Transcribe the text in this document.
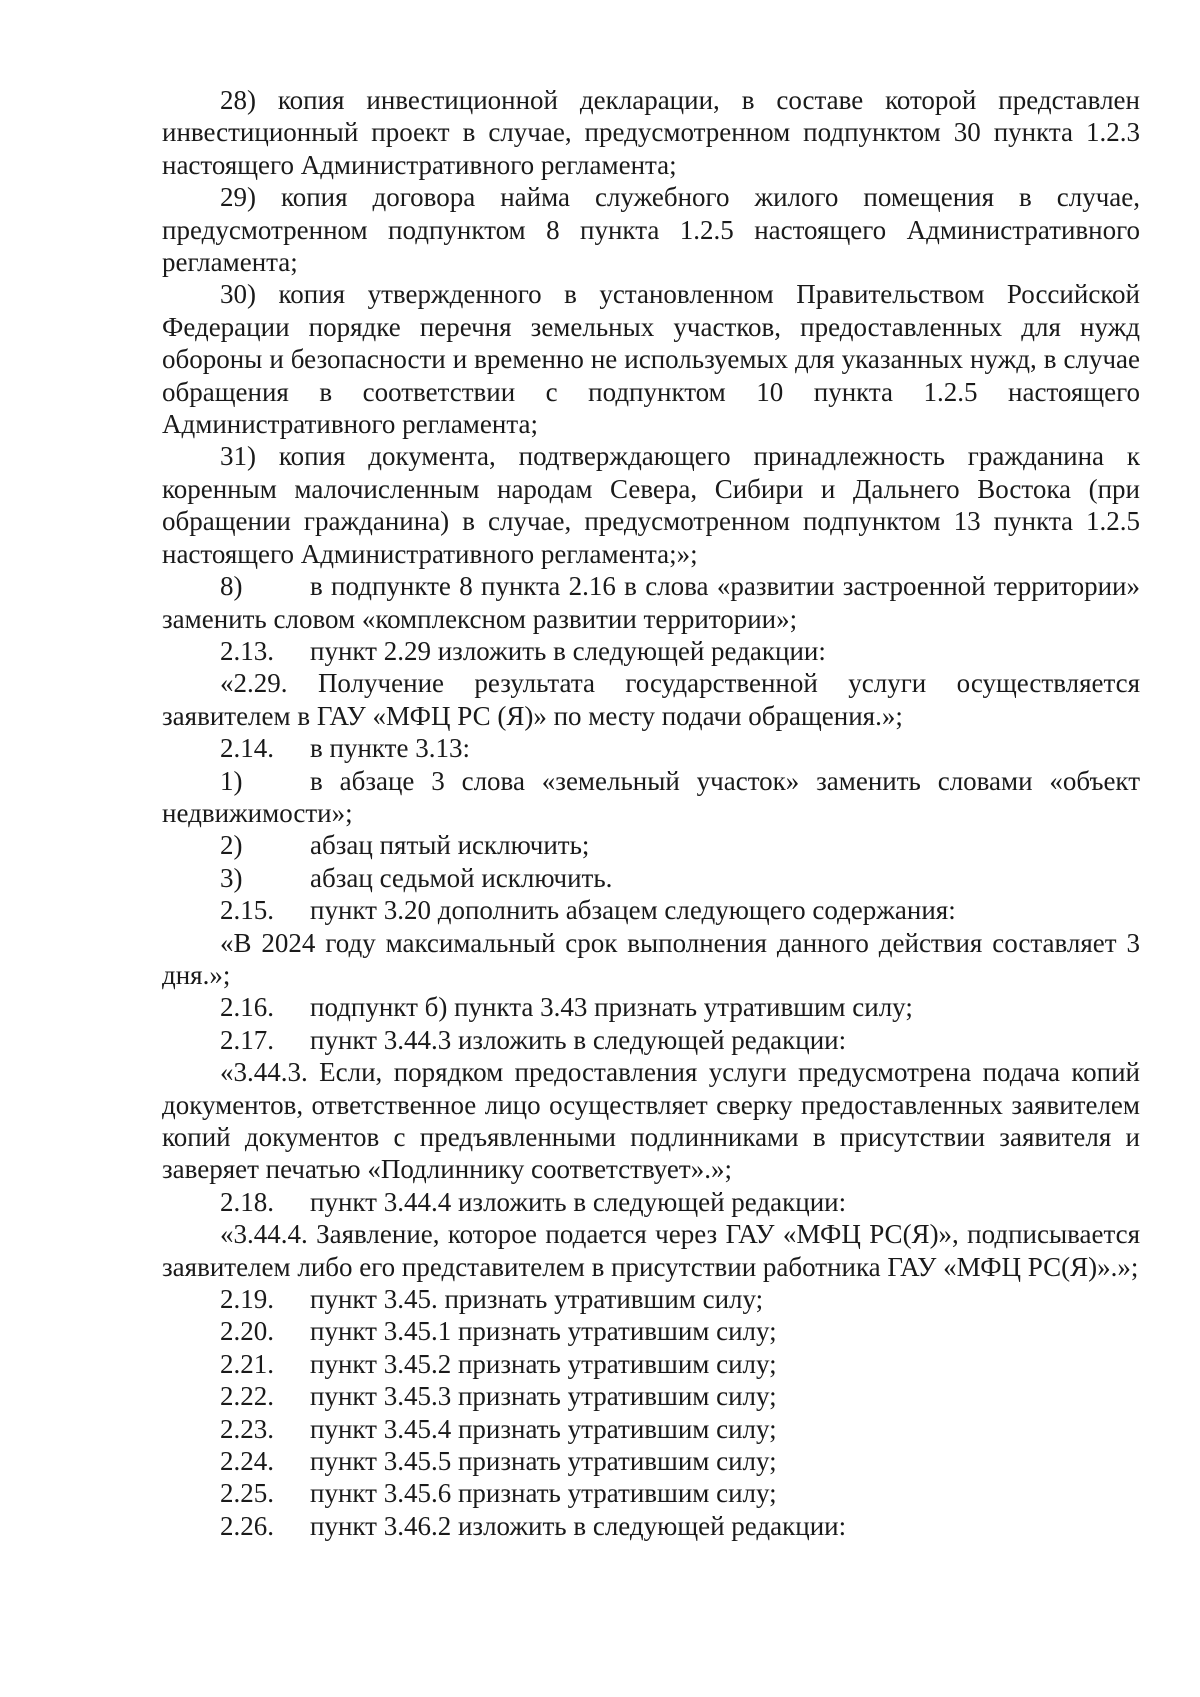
28) копия инвестиционной декларации, в составе которой представлен инвестиционный проект в случае, предусмотренном подпунктом 30 пункта 1.2.3 настоящего Административного регламента;

29) копия договора найма служебного жилого помещения в случае, предусмотренном подпунктом 8 пункта 1.2.5 настоящего Административного регламента;

30) копия утвержденного в установленном Правительством Российской Федерации порядке перечня земельных участков, предоставленных для нужд обороны и безопасности и временно не используемых для указанных нужд, в случае обращения в соответствии с подпунктом 10 пункта 1.2.5 настоящего Административного регламента;

31) копия документа, подтверждающего принадлежность гражданина к коренным малочисленным народам Севера, Сибири и Дальнего Востока (при обращении гражданина) в случае, предусмотренном подпунктом 13 пункта 1.2.5 настоящего Административного регламента;»;

8)	в подпункте 8 пункта 2.16 в слова «развитии застроенной территории» заменить словом «комплексном развитии территории»;

2.13.	пункт 2.29 изложить в следующей редакции:

«2.29. Получение результата государственной услуги осуществляется заявителем в ГАУ «МФЦ РС (Я)» по месту подачи обращения.»;

2.14.	в пункте 3.13:

1)	в абзаце 3 слова «земельный участок» заменить словами «объект недвижимости»;

2)	абзац пятый исключить;
3)	абзац седьмой исключить.
2.15.	пункт 3.20 дополнить абзацем следующего содержания:

«В 2024 году максимальный срок выполнения данного действия составляет 3 дня.»;

2.16.	подпункт б) пункта 3.43 признать утратившим силу;
2.17.	пункт 3.44.3 изложить в следующей редакции:

«3.44.3. Если, порядком предоставления услуги предусмотрена подача копий документов, ответственное лицо осуществляет сверку предоставленных заявителем копий документов с предъявленными подлинниками в присутствии заявителя и заверяет печатью «Подлиннику соответствует».»;

2.18.	пункт 3.44.4 изложить в следующей редакции:

«3.44.4. Заявление, которое подается через ГАУ «МФЦ РС(Я)», подписывается заявителем либо его представителем в присутствии работника ГАУ «МФЦ РС(Я)».»;

2.19.	пункт 3.45. признать утратившим силу;
2.20.	пункт 3.45.1 признать утратившим силу;
2.21.	пункт 3.45.2 признать утратившим силу;
2.22.	пункт 3.45.3 признать утратившим силу;
2.23.	пункт 3.45.4 признать утратившим силу;
2.24.	пункт 3.45.5 признать утратившим силу;
2.25.	пункт 3.45.6 признать утратившим силу;
2.26.	пункт 3.46.2 изложить в следующей редакции:
